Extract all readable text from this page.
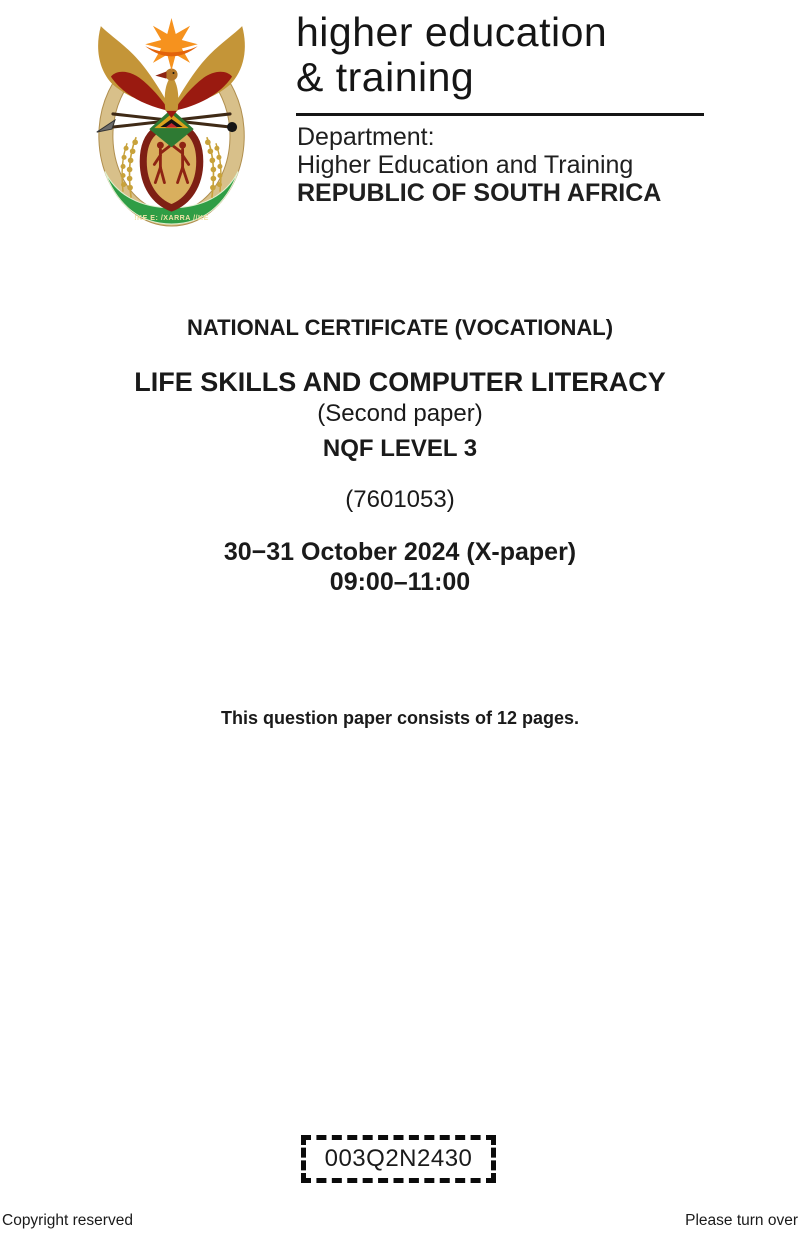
!KE E: /XARRA //KE
higher education
& training
Department:
Higher Education and Training
REPUBLIC OF SOUTH AFRICA
NATIONAL CERTIFICATE (VOCATIONAL)
LIFE SKILLS AND COMPUTER LITERACY
(Second paper)
NQF LEVEL 3
(7601053)
30−31 October 2024 (X-paper)
09:00–11:00
This question paper consists of 12 pages.
003Q2N2430
Copyright reserved	Please turn over
